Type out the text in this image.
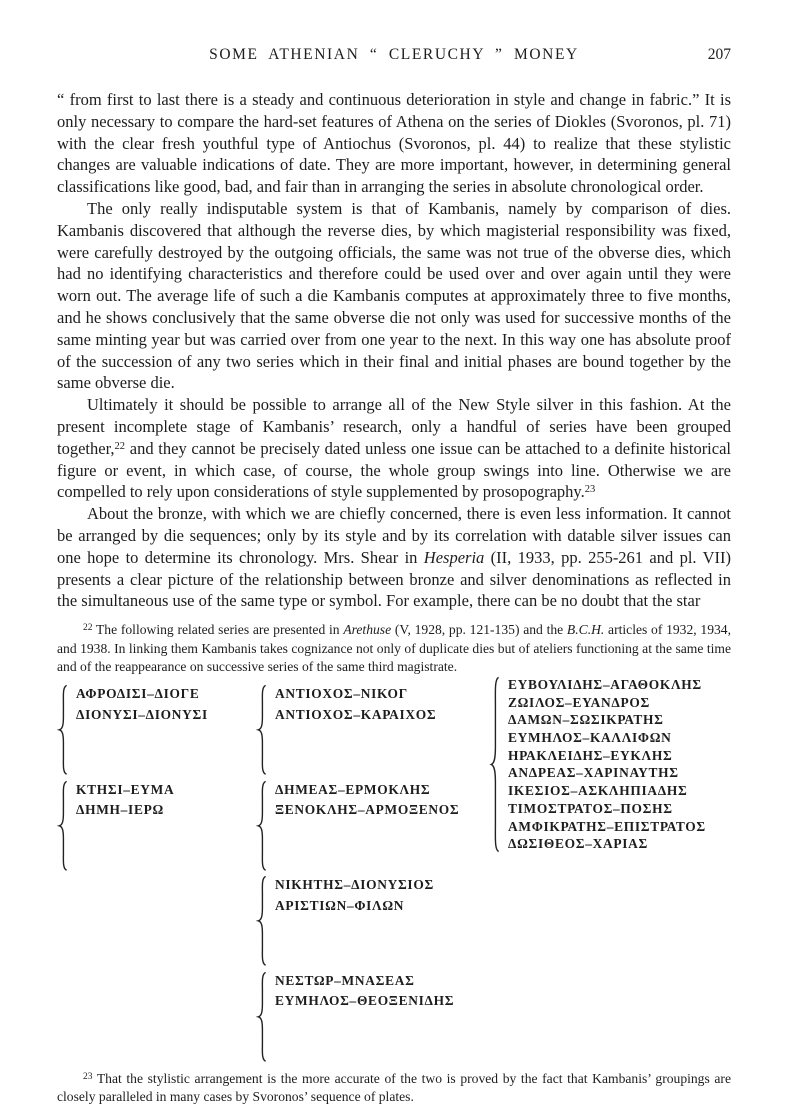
SOME ATHENIAN “ CLERUCHY ” MONEY	207

“ from first to last there is a steady and continuous deterioration in style and change in fabric.” It is only necessary to compare the hard-set features of Athena on the series of Diokles (Svoronos, pl. 71) with the clear fresh youthful type of Antiochus (Svoronos, pl. 44) to realize that these stylistic changes are valuable indications of date. They are more important, however, in determining general classifications like good, bad, and fair than in arranging the series in absolute chronological order.

The only really indisputable system is that of Kambanis, namely by comparison of dies. Kambanis discovered that although the reverse dies, by which magisterial responsibility was fixed, were carefully destroyed by the outgoing officials, the same was not true of the obverse dies, which had no identifying characteristics and therefore could be used over and over again until they were worn out. The average life of such a die Kambanis computes at approximately three to five months, and he shows conclusively that the same obverse die not only was used for successive months of the same minting year but was carried over from one year to the next. In this way one has absolute proof of the succession of any two series which in their final and initial phases are bound together by the same obverse die.

Ultimately it should be possible to arrange all of the New Style silver in this fashion. At the present incomplete stage of Kambanis’ research, only a handful of series have been grouped together,$^{22}$ and they cannot be precisely dated unless one issue can be attached to a definite historical figure or event, in which case, of course, the whole group swings into line. Otherwise we are compelled to rely upon considerations of style supplemented by prosopography.$^{23}$

About the bronze, with which we are chiefly concerned, there is even less information. It cannot be arranged by die sequences; only by its style and by its correlation with datable silver issues can one hope to determine its chronology. Mrs. Shear in Hesperia (II, 1933, pp. 255-261 and pl. VII) presents a clear picture of the relationship between bronze and silver denominations as reflected in the simultaneous use of the same type or symbol. For example, there can be no doubt that the star

$^{22}$ The following related series are presented in Arethuse (V, 1928, pp. 121-135) and the B.C.H. articles of 1932, 1934, and 1938. In linking them Kambanis takes cognizance not only of duplicate dies but of ateliers functioning at the same time and of the reappearance on successive series of the same third magistrate.

ΑΦΡΟΔΙΣΙ–ΔΙΟΓΕ
ΔΙΟΝΥΣΙ–ΔΙΟΝΥΣΙ
ΚΤΗΣΙ–ΕΥΜΑ
ΔΗΜΗ–ΙΕΡΩ
ΑΝΤΙΟΧΟΣ–ΝΙΚΟΓ
ΑΝΤΙΟΧΟΣ–ΚΑΡΑΙΧΟΣ
ΔΗΜΕΑΣ–ΕΡΜΟΚΛΗΣ
ΞΕΝΟΚΛΗΣ–ΑΡΜΟΞΕΝΟΣ
ΝΙΚΗΤΗΣ–ΔΙΟΝΥΣΙΟΣ
ΑΡΙΣΤΙΩΝ–ΦΙΛΩΝ
ΝΕΣΤΩΡ–ΜΝΑΣΕΑΣ
ΕΥΜΗΛΟΣ–ΘΕΟΞΕΝΙΔΗΣ
ΕΥΒΟΥΛΙΔΗΣ–ΑΓΑΘΟΚΛΗΣ
ΖΩΙΛΟΣ–ΕΥΑΝΔΡΟΣ
ΔΑΜΩΝ–ΣΩΣΙΚΡΑΤΗΣ
ΕΥΜΗΛΟΣ–ΚΑΛΛΙΦΩΝ
ΗΡΑΚΛΕΙΔΗΣ–ΕΥΚΛΗΣ
ΑΝΔΡΕΑΣ–ΧΑΡΙΝΑΥΤΗΣ
ΙΚΕΣΙΟΣ–ΑΣΚΛΗΠΙΑΔΗΣ
ΤΙΜΟΣΤΡΑΤΟΣ–ΠΟΣΗΣ
ΑΜΦΙΚΡΑΤΗΣ–ΕΠΙΣΤΡΑΤΟΣ
ΔΩΣΙΘΕΟΣ–ΧΑΡΙΑΣ

$^{23}$ That the stylistic arrangement is the more accurate of the two is proved by the fact that Kambanis’ groupings are closely paralleled in many cases by Svoronos’ sequence of plates.
